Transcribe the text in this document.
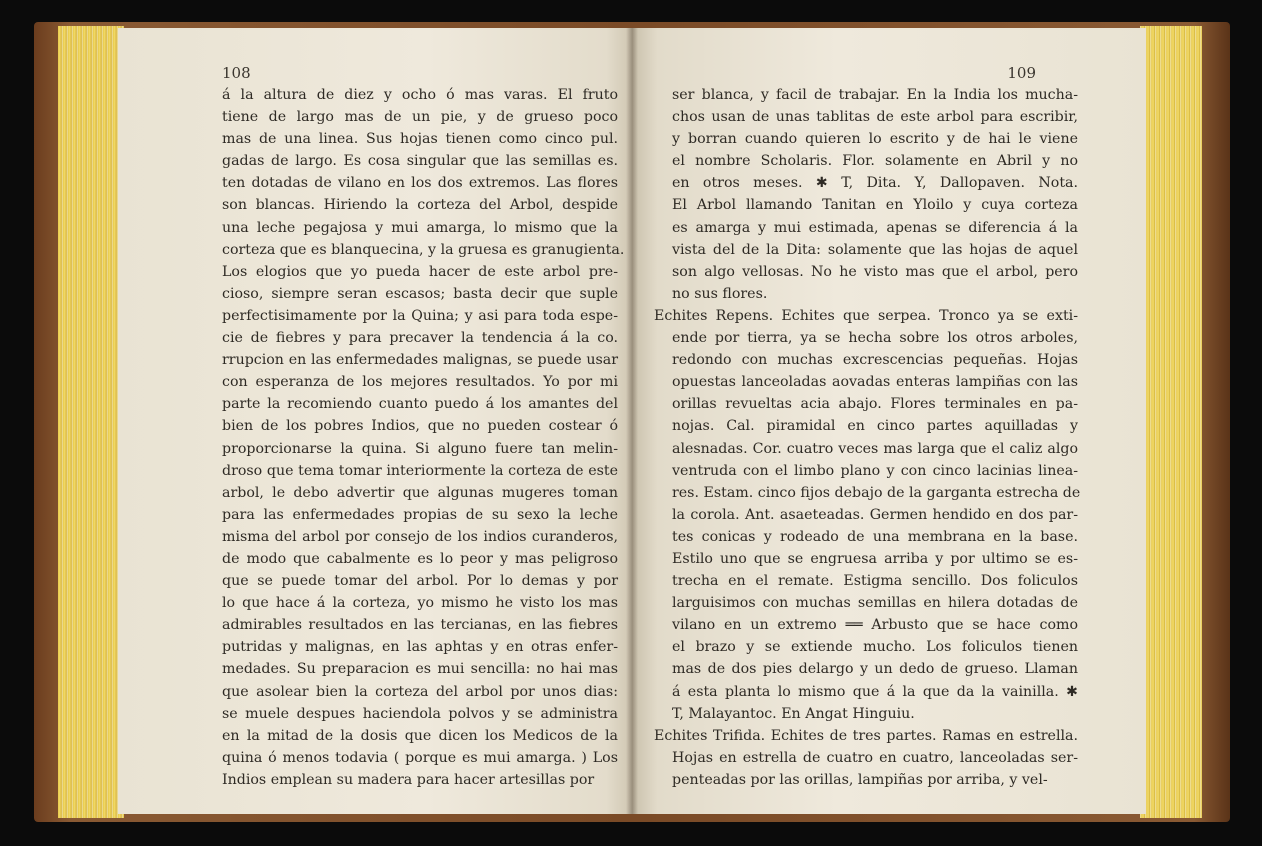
108
á la altura de diez y ocho ó mas varas. El fruto
tiene de largo mas de un pie, y de grueso poco
mas de una linea. Sus hojas tienen como cinco pul.
gadas de largo. Es cosa singular que las semillas es.
ten dotadas de vilano en los dos extremos. Las flores
son blancas. Hiriendo la corteza del Arbol, despide
una leche pegajosa y mui amarga, lo mismo que la
corteza que es blanquecina, y la gruesa es granugienta.
Los elogios que yo pueda hacer de este arbol pre-
cioso, siempre seran escasos; basta decir que suple
perfectisimamente por la Quina; y asi para toda espe-
cie de fiebres y para precaver la tendencia á la co.
rrupcion en las enfermedades malignas, se puede usar
con esperanza de los mejores resultados. Yo por mi
parte la recomiendo cuanto puedo á los amantes del
bien de los pobres Indios, que no pueden costear ó
proporcionarse la quina. Si alguno fuere tan melin-
droso que tema tomar interiormente la corteza de este
arbol, le debo advertir que algunas mugeres toman
para las enfermedades propias de su sexo la leche
misma del arbol por consejo de los indios curanderos,
de modo que cabalmente es lo peor y mas peligroso
que se puede tomar del arbol. Por lo demas y por
lo que hace á la corteza, yo mismo he visto los mas
admirables resultados en las tercianas, en las fiebres
putridas y malignas, en las aphtas y en otras enfer-
medades. Su preparacion es mui sencilla: no hai mas
que asolear bien la corteza del arbol por unos dias:
se muele despues haciendola polvos y se administra
en la mitad de la dosis que dicen los Medicos de la
quina ó menos todavia ( porque es mui amarga. ) Los
Indios emplean su madera para hacer artesillas por
109
ser blanca, y facil de trabajar. En la India los mucha-
chos usan de unas tablitas de este arbol para escribir,
y borran cuando quieren lo escrito y de hai le viene
el nombre Scholaris. Flor. solamente en Abril y no
en otros meses. ✱ T, Dita. Y, Dallopaven. Nota.
El Arbol llamando Tanitan en Yloilo y cuya corteza
es amarga y mui estimada, apenas se diferencia á la
vista del de la Dita: solamente que las hojas de aquel
son algo vellosas. No he visto mas que el arbol, pero
no sus flores.
Echites Repens. Echites que serpea. Tronco ya se exti-
ende por tierra, ya se hecha sobre los otros arboles,
redondo con muchas excrescencias pequeñas. Hojas
opuestas lanceoladas aovadas enteras lampiñas con las
orillas revueltas acia abajo. Flores terminales en pa-
nojas. Cal. piramidal en cinco partes aquilladas y
alesnadas. Cor. cuatro veces mas larga que el caliz algo
ventruda con el limbo plano y con cinco lacinias linea-
res. Estam. cinco fijos debajo de la garganta estrecha de
la corola. Ant. asaeteadas. Germen hendido en dos par-
tes conicas y rodeado de una membrana en la base.
Estilo uno que se engruesa arriba y por ultimo se es-
trecha en el remate. Estigma sencillo. Dos foliculos
larguisimos con muchas semillas en hilera dotadas de
vilano en un extremo ══ Arbusto que se hace como
el brazo y se extiende mucho. Los foliculos tienen
mas de dos pies delargo y un dedo de grueso. Llaman
á esta planta lo mismo que á la que da la vainilla. ✱
T, Malayantoc. En Angat Hinguiu.
Echites Trifida. Echites de tres partes. Ramas en estrella.
Hojas en estrella de cuatro en cuatro, lanceoladas ser-
penteadas por las orillas, lampiñas por arriba, y vel-
